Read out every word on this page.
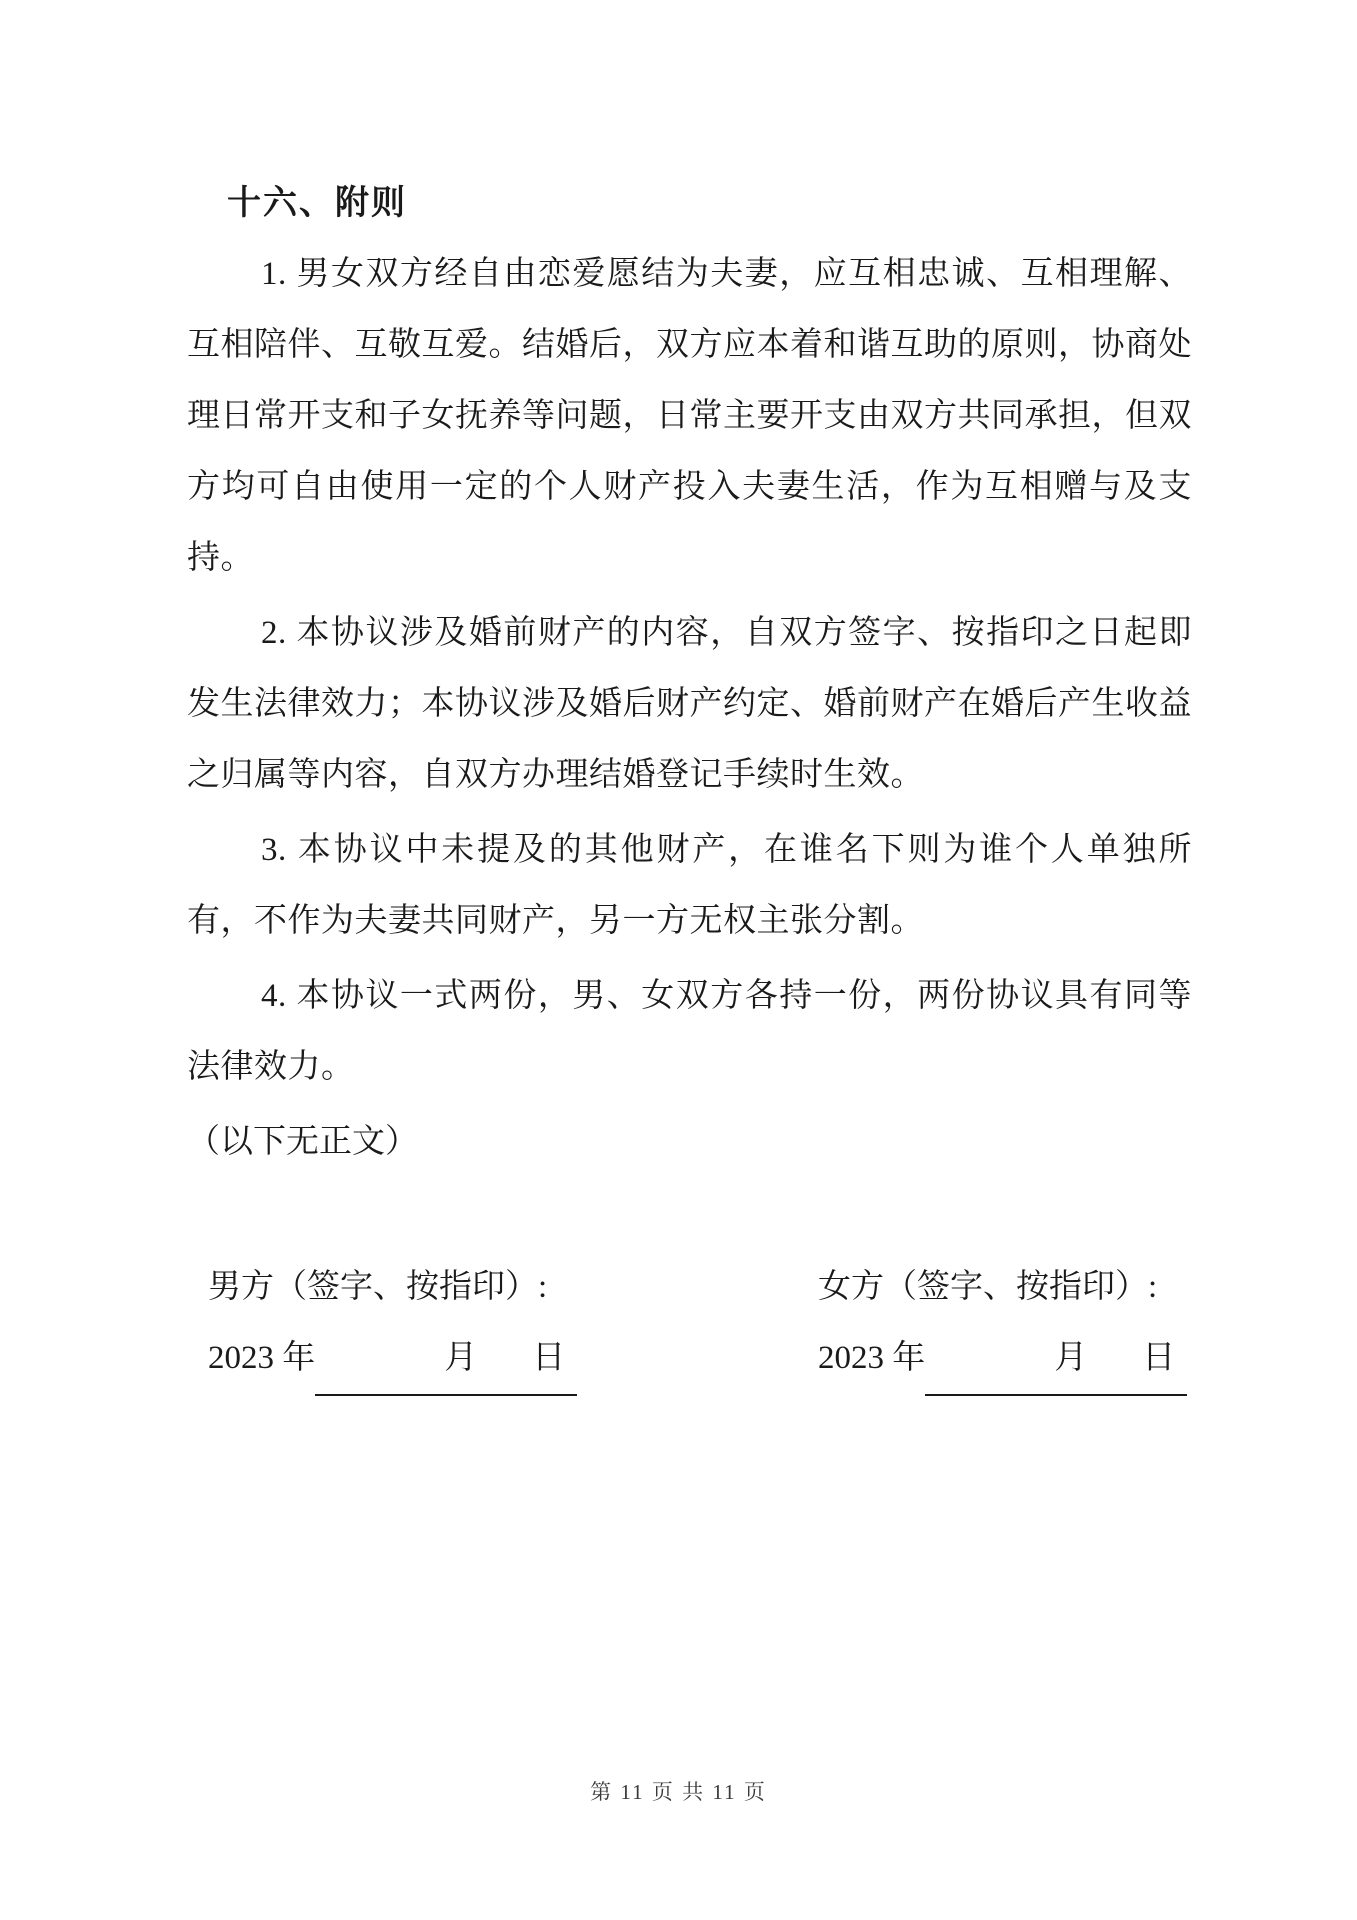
十六、附则

1. 男女双方经自由恋爱愿结为夫妻，应互相忠诚、互相理解、互相陪伴、互敬互爱。结婚后，双方应本着和谐互助的原则，协商处理日常开支和子女抚养等问题，日常主要开支由双方共同承担，但双方均可自由使用一定的个人财产投入夫妻生活，作为互相赠与及支持。

2. 本协议涉及婚前财产的内容，自双方签字、按指印之日起即发生法律效力；本协议涉及婚后财产约定、婚前财产在婚后产生收益之归属等内容，自双方办理结婚登记手续时生效。

3. 本协议中未提及的其他财产，在谁名下则为谁个人单独所有，不作为夫妻共同财产，另一方无权主张分割。

4. 本协议一式两份，男、女双方各持一份，两份协议具有同等法律效力。

（以下无正文）

男方（签字、按指印）:
2023 年	月 日
女方（签字、按指印）:
2023 年	月 日
第 11 页 共 11 页
